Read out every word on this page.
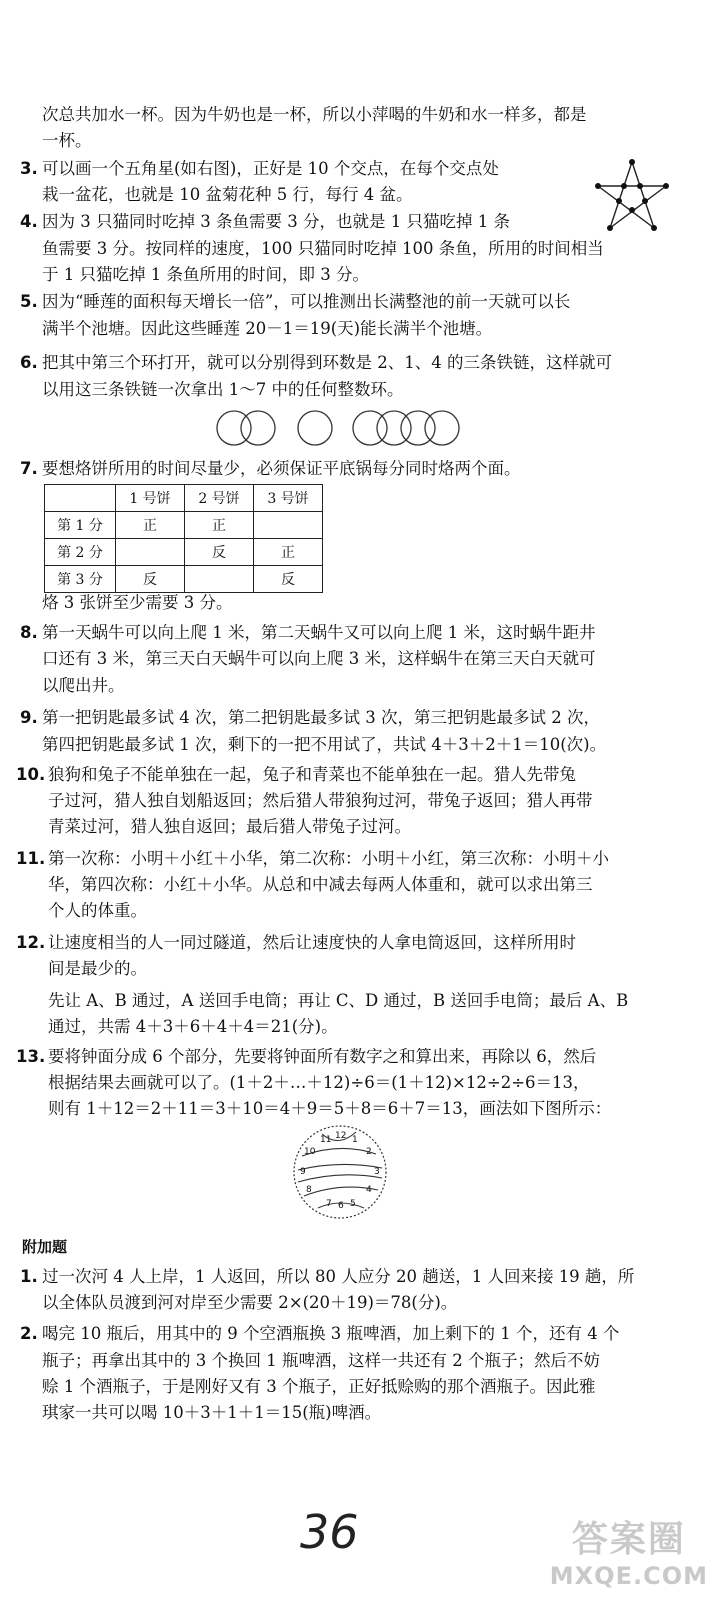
次总共加水一杯。因为牛奶也是一杯，所以小萍喝的牛奶和水一样多，都是
一杯。
3. 可以画一个五角星(如右图)，正好是 10 个交点，在每个交点处
栽一盆花，也就是 10 盆菊花种 5 行，每行 4 盆。
4. 因为 3 只猫同时吃掉 3 条鱼需要 3 分，也就是 1 只猫吃掉 1 条
鱼需要 3 分。按同样的速度，100 只猫同时吃掉 100 条鱼，所用的时间相当
于 1 只猫吃掉 1 条鱼所用的时间，即 3 分。
5. 因为“睡莲的面积每天增长一倍”，可以推测出长满整池的前一天就可以长
满半个池塘。因此这些睡莲 20－1＝19(天)能长满半个池塘。
6. 把其中第三个环打开，就可以分别得到环数是 2、1、4 的三条铁链，这样就可
以用这三条铁链一次拿出 1～7 中的任何整数环。
7. 要想烙饼所用的时间尽量少，必须保证平底锅每分同时烙两个面。
	1 号饼	2 号饼	3 号饼
第 1 分	正	正	
第 2 分		反	正
第 3 分	反		反
烙 3 张饼至少需要 3 分。
8. 第一天蜗牛可以向上爬 1 米，第二天蜗牛又可以向上爬 1 米，这时蜗牛距井
口还有 3 米，第三天白天蜗牛可以向上爬 3 米，这样蜗牛在第三天白天就可
以爬出井。
9. 第一把钥匙最多试 4 次，第二把钥匙最多试 3 次，第三把钥匙最多试 2 次，
第四把钥匙最多试 1 次，剩下的一把不用试了，共试 4＋3＋2＋1＝10(次)。
10. 狼狗和兔子不能单独在一起，兔子和青菜也不能单独在一起。猎人先带兔
子过河，猎人独自划船返回；然后猎人带狼狗过河，带兔子返回；猎人再带
青菜过河，猎人独自返回；最后猎人带兔子过河。
11. 第一次称：小明＋小红＋小华，第二次称：小明＋小红，第三次称：小明＋小
华，第四次称：小红＋小华。从总和中减去每两人体重和，就可以求出第三
个人的体重。
12. 让速度相当的人一同过隧道，然后让速度快的人拿电筒返回，这样所用时
间是最少的。
先让 A、B 通过，A 送回手电筒；再让 C、D 通过，B 送回手电筒；最后 A、B
通过，共需 4＋3＋6＋4＋4＝21(分)。
13. 要将钟面分成 6 个部分，先要将钟面所有数字之和算出来，再除以 6，然后
根据结果去画就可以了。(1＋2＋…＋12)÷6＝(1＋12)×12÷2÷6＝13，
则有 1＋12＝2＋11＝3＋10＝4＋9＝5＋8＝6＋7＝13，画法如下图所示：
12
11 1
10	2
9	3
8	4
7 6 5
附加题
1. 过一次河 4 人上岸，1 人返回，所以 80 人应分 20 趟送，1 人回来接 19 趟，所
以全体队员渡到河对岸至少需要 2×(20＋19)＝78(分)。
2. 喝完 10 瓶后，用其中的 9 个空酒瓶换 3 瓶啤酒，加上剩下的 1 个，还有 4 个
瓶子；再拿出其中的 3 个换回 1 瓶啤酒，这样一共还有 2 个瓶子；然后不妨
赊 1 个酒瓶子，于是刚好又有 3 个瓶子，正好抵赊购的那个酒瓶子。因此雅
琪家一共可以喝 10＋3＋1＋1＝15(瓶)啤酒。
36	答案圈
MXQE.COM
